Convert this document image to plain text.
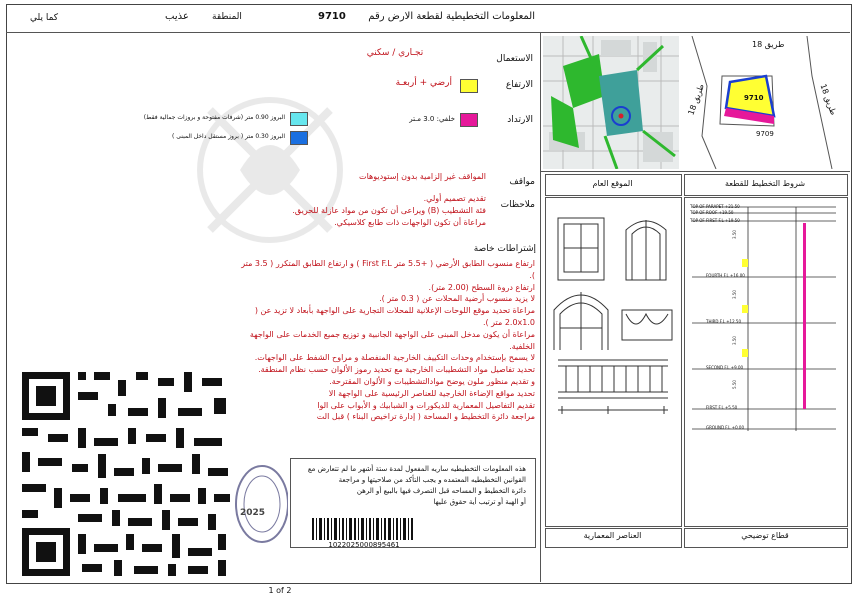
المعلومات التخطيطية لقطعة الارض رقم
9710
المنطقة
عذيب
كما يلي
الاستعمال
تجـاري / سكني
الارتفاع
أرضي + أربعـة
الارتداد
خلفي: 3.0 مـتر
البروز 0.90 متر (شرفات مفتوحة و بروزات جمالية فقط)
البروز 0.30 متر ( بروز مستقل داخل المبنى )
مواقف
المواقف غير إلزامية بدون إستوديوهات
ملاحظات
تقديم تصميم أولي.
فئة التشطيب (B) ويراعى أن تكون من مواد عازلة للحريق.
مراعاة أن تكون الواجهات ذات طابع كلاسيكي.
إشتراطات خاصة
ارتفاع منسوب الطابق الأرضي ( +5.5 متر First F.L ) و ارتفاع الطابق المتكرر ( 3.5 متر ).
ارتفاع دروة السطح (2.00 متر).
لا يزيد منسوب أرضية المحلات عن ( 0.3 متر ).
مراعاة تحديد موقع اللوحات الإعلانية للمحلات التجارية على الواجهة بأبعاد لا تزيد عن ( 2.0x1.0 متر ).
مراعاة أن يكون مدخل المبنى على الواجهة الجانبية و توزيع جميع الخدمات على الواجهة الخلفية.
لا يسمح بإستخدام وحدات التكييف الخارجية المنفصلة و مراوح الشفط على الواجهات.
تحديد تفاصيل مواد التشطيبات الخارجية مع تحديد رموز الألوان حسب نظام المنطقة.
و تقديم منظور ملون يوضح موادالتشطيبات و الألوان المقترحة.
تحديد مواقع الإضاءة الخارجية للعناصر الرئيسية على الواجهة الا
تقديم التفاصيل المعمارية للديكورات و الشبابيك و الأبواب على الوا
مراجعة دائرة التخطيط و المساحة ( إدارة تراخيص البناء ) قبل الت
هذه المعلومات التخطيطيه ساريه المفعول لمدة ستة أشهر ما لم تتعارض مع
القوانين التخطيطيه المعتمده و يجب التأكد من صلاحيتها و مراجعة
دائرة التخطيط و المساحه قبل التصرف فيها بالبيع أو الرهن
أو الهبة أو ترتيب أية حقوق عليها
1022025000895461
2025
طريق 18
طريق 18	طريق 18
9710
9709
الموقع العام	شروط التخطيط للقطعة
العناصر المعمارية
3.50
3.50
3.50
5.50
TOP OF PARAPET +21.50
TOP OF ROOF +19.50
TOP OF FIRST F.L +19.50
FOURTH F.L +16.00
THIRD F.L +12.50
SECOND F.L +9.00
FIRST F.L +5.50
GROUND F.L +0.00
قطاع توضيحي
1 of 2
